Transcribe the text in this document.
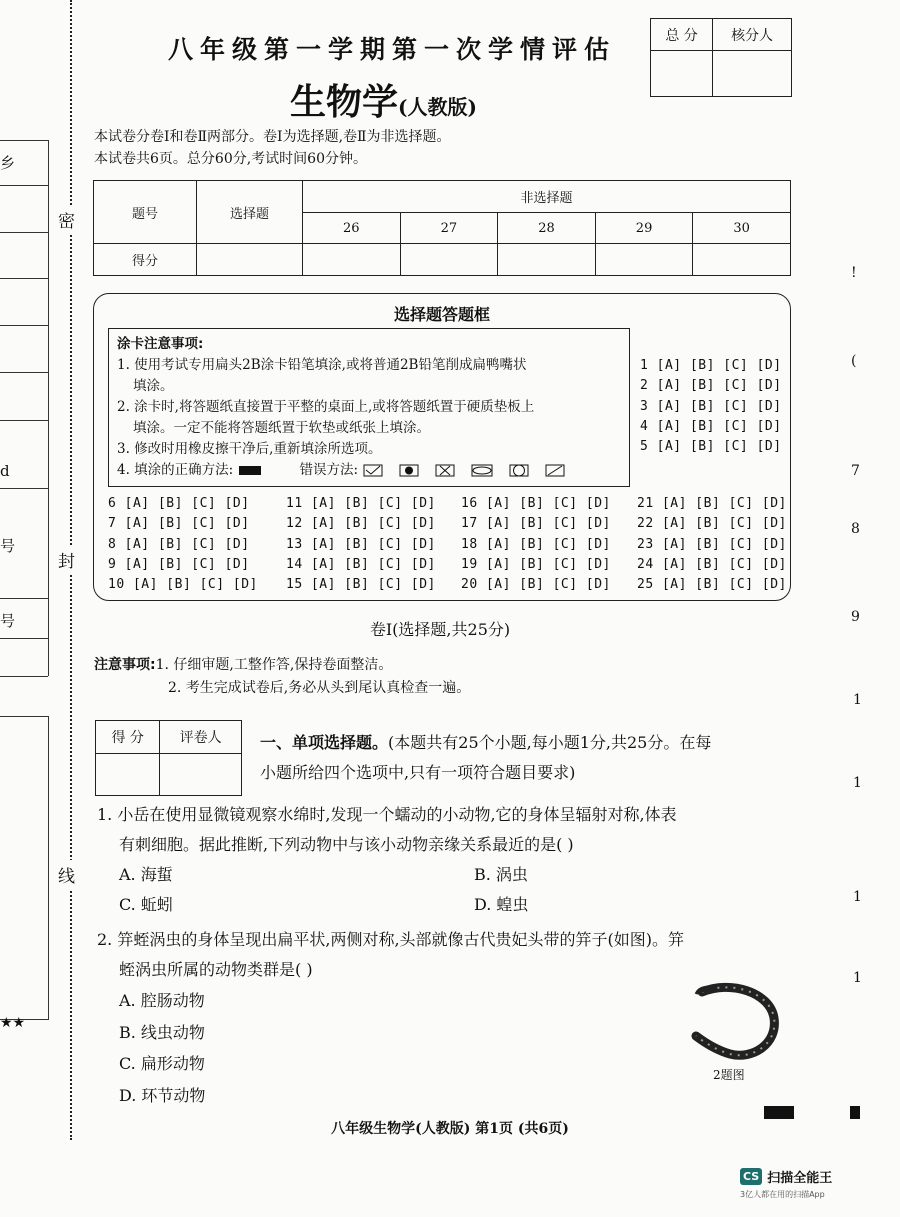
乡
d
号
号
★★
密
封
线
八年级第一学期第一次学情评估
生物学(人教版)
总 分	核分人

本试卷分卷Ⅰ和卷Ⅱ两部分。卷Ⅰ为选择题,卷Ⅱ为非选择题。
本试卷共6页。总分60分,考试时间60分钟。
题号	选择题	非选择题				
		26	27	28	29	30
得分						
选择题答题框
涂卡注意事项:
1. 使用考试专用扁头2B涂卡铅笔填涂,或将普通2B铅笔削成扁鸭嘴状
填涂。
2. 涂卡时,将答题纸直接置于平整的桌面上,或将答题纸置于硬质垫板上
填涂。一定不能将答题纸置于软垫或纸张上填涂。
3. 修改时用橡皮擦干净后,重新填涂所选项。
4. 填涂的正确方法:	错误方法:
1 [A] [B] [C] [D]
2 [A] [B] [C] [D]
3 [A] [B] [C] [D]
4 [A] [B] [C] [D]
5 [A] [B] [C] [D]
6 [A] [B] [C] [D]	11 [A] [B] [C] [D]	16 [A] [B] [C] [D]	21 [A] [B] [C] [D]
7 [A] [B] [C] [D]	12 [A] [B] [C] [D]	17 [A] [B] [C] [D]	22 [A] [B] [C] [D]
8 [A] [B] [C] [D]	13 [A] [B] [C] [D]	18 [A] [B] [C] [D]	23 [A] [B] [C] [D]
9 [A] [B] [C] [D]	14 [A] [B] [C] [D]	19 [A] [B] [C] [D]	24 [A] [B] [C] [D]
10 [A] [B] [C] [D]	15 [A] [B] [C] [D]	20 [A] [B] [C] [D]	25 [A] [B] [C] [D]
卷Ⅰ(选择题,共25分)
注意事项:1. 仔细审题,工整作答,保持卷面整洁。
2. 考生完成试卷后,务必从头到尾认真检查一遍。
得 分	评卷人
	一、单项选择题。(本题共有25个小题,每小题1分,共25分。在每
小题所给四个选项中,只有一项符合题目要求)
1. 小岳在使用显微镜观察水绵时,发现一个蠕动的小动物,它的身体呈辐射对称,体表
有刺细胞。据此推断,下列动物中与该小动物亲缘关系最近的是( )
A. 海蜇	B. 涡虫
C. 蚯蚓	D. 蝗虫
2. 笄蛭涡虫的身体呈现出扁平状,两侧对称,头部就像古代贵妃头带的笄子(如图)。笄
蛭涡虫所属的动物类群是( )
A. 腔肠动物
B. 线虫动物
C. 扁形动物
D. 环节动物
2题图
八年级生物学(人教版) 第1页 (共6页)
!
(
7
8
9
1
1
1
1
CS 扫描全能王
3亿人都在用的扫描App
